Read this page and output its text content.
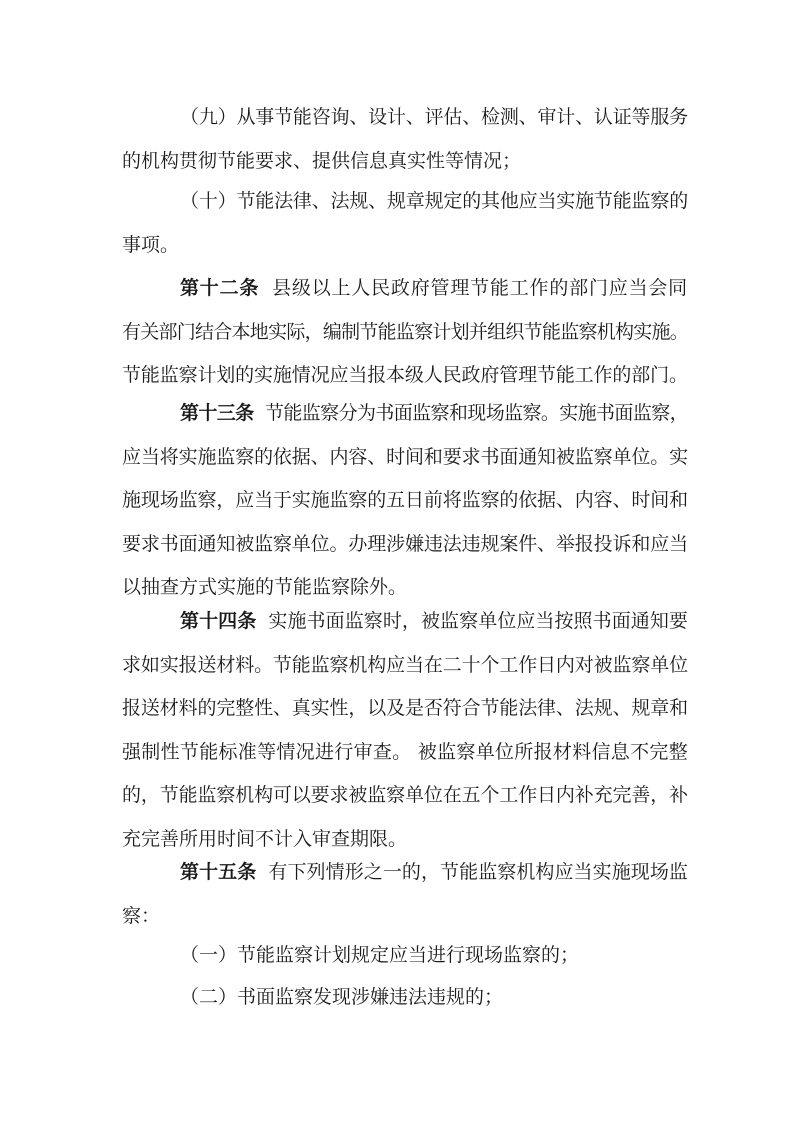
（九）从事节能咨询、设计、评估、检测、审计、认证等服务
的机构贯彻节能要求、提供信息真实性等情况；
（十）节能法律、法规、规章规定的其他应当实施节能监察的
事项。
第十二条 县级以上人民政府管理节能工作的部门应当会同
有关部门结合本地实际，编制节能监察计划并组织节能监察机构实施。
节能监察计划的实施情况应当报本级人民政府管理节能工作的部门。
第十三条 节能监察分为书面监察和现场监察。实施书面监察，
应当将实施监察的依据、内容、时间和要求书面通知被监察单位。实
施现场监察，应当于实施监察的五日前将监察的依据、内容、时间和
要求书面通知被监察单位。办理涉嫌违法违规案件、举报投诉和应当
以抽查方式实施的节能监察除外。
第十四条 实施书面监察时，被监察单位应当按照书面通知要
求如实报送材料。节能监察机构应当在二十个工作日内对被监察单位
报送材料的完整性、真实性，以及是否符合节能法律、法规、规章和
强制性节能标准等情况进行审查。 被监察单位所报材料信息不完整
的，节能监察机构可以要求被监察单位在五个工作日内补充完善，补
充完善所用时间不计入审查期限。
第十五条 有下列情形之一的，节能监察机构应当实施现场监
察：
（一）节能监察计划规定应当进行现场监察的；
（二）书面监察发现涉嫌违法违规的；
